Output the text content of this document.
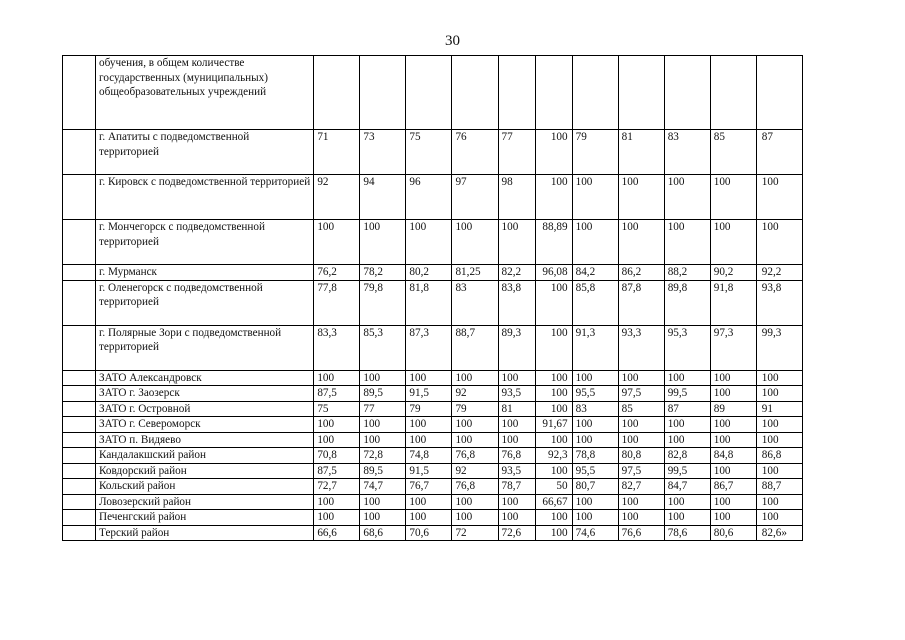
30
	обучения, в общем количестве государственных (муниципальных) общеобразовательных учреждений											
	г. Апатиты с подведомственной территорией	71	73	75	76	77	100	79	81	83	85	87
	г. Кировск с подведомственной территорией	92	94	96	97	98	100	100	100	100	100	100
	г. Мончегорск с подведомственной территорией	100	100	100	100	100	88,89	100	100	100	100	100
	г. Мурманск	76,2	78,2	80,2	81,25	82,2	96,08	84,2	86,2	88,2	90,2	92,2
	г. Оленегорск с подведомственной территорией	77,8	79,8	81,8	83	83,8	100	85,8	87,8	89,8	91,8	93,8
	г. Полярные Зори с подведомственной территорией	83,3	85,3	87,3	88,7	89,3	100	91,3	93,3	95,3	97,3	99,3
	ЗАТО Александровск	100	100	100	100	100	100	100	100	100	100	100
	ЗАТО г. Заозерск	87,5	89,5	91,5	92	93,5	100	95,5	97,5	99,5	100	100
	ЗАТО г. Островной	75	77	79	79	81	100	83	85	87	89	91
	ЗАТО г. Североморск	100	100	100	100	100	91,67	100	100	100	100	100
	ЗАТО п. Видяево	100	100	100	100	100	100	100	100	100	100	100
	Кандалакшский район	70,8	72,8	74,8	76,8	76,8	92,3	78,8	80,8	82,8	84,8	86,8
	Ковдорский район	87,5	89,5	91,5	92	93,5	100	95,5	97,5	99,5	100	100
	Кольский район	72,7	74,7	76,7	76,8	78,7	50	80,7	82,7	84,7	86,7	88,7
	Ловозерский район	100	100	100	100	100	66,67	100	100	100	100	100
	Печенгский район	100	100	100	100	100	100	100	100	100	100	100
	Терский район	66,6	68,6	70,6	72	72,6	100	74,6	76,6	78,6	80,6	82,6»
